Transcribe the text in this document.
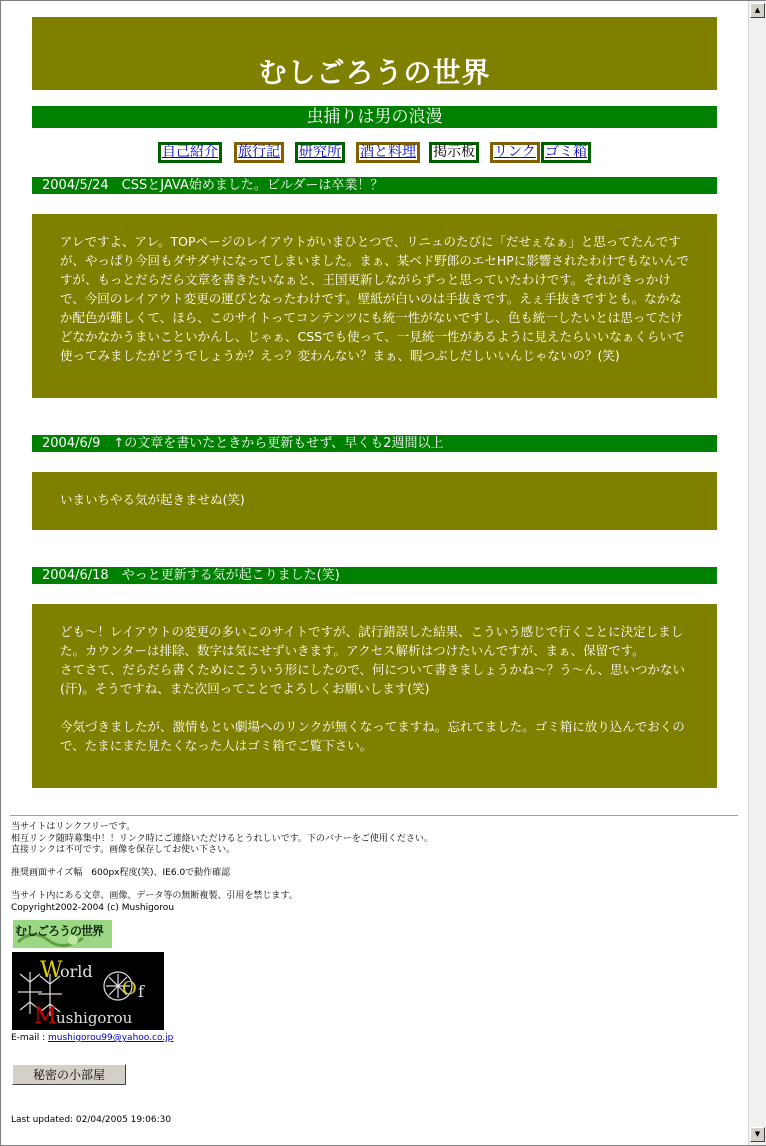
むしごろうの世界
虫捕りは男の浪漫
自己紹介 旅行記 研究所 酒と料理 掲示板 リンク ゴミ箱
2004/5/24　CSSとJAVA始めました。ビルダーは卒業！？

アレですよ、アレ。TOPページのレイアウトがいまひとつで、リニュのたびに「だせぇなぁ」と思ってたんですが、やっぱり今回もダサダサになってしまいました。まぁ、某ベド野郎のエセHPに影響されたわけでもないんですが、もっとだらだら文章を書きたいなぁと、王国更新しながらずっと思っていたわけです。それがきっかけで、今回のレイアウト変更の運びとなったわけです。壁紙が白いのは手抜きです。えぇ手抜きですとも。なかなか配色が難しくて、ほら、このサイトってコンテンツにも統一性がないですし、色も統一したいとは思ってたけどなかなかうまいこといかんし、じゃぁ、CSSでも使って、一見統一性があるように見えたらいいなぁくらいで使ってみましたがどうでしょうか？えっ？変わんない？まぁ、暇つぶしだしいいんじゃないの？(笑)

2004/6/9　↑の文章を書いたときから更新もせず、早くも2週間以上

いまいちやる気が起きませぬ(笑)

2004/6/18　やっと更新する気が起こりました(笑)

ども～！レイアウトの変更の多いこのサイトですが、試行錯誤した結果、こういう感じで行くことに決定しました。カウンターは排除、数字は気にせずいきます。アクセス解析はつけたいんですが、まぁ、保留です。

さてさて、だらだら書くためにこういう形にしたので、何について書きましょうかね～？う～ん、思いつかない(汗)。そうですね、また次回ってことでよろしくお願いします(笑)

今気づきましたが、激情もとい劇場へのリンクが無くなってますね。忘れてました。ゴミ箱に放り込んでおくので、たまにまた見たくなった人はゴミ箱でご覧下さい。

当サイトはリンクフリーです。
相互リンク随時募集中！！リンク時にご連絡いただけるとうれしいです。下のバナーをご使用ください。
直接リンクは不可です。画像を保存してお使い下さい。
推奨画面サイズ幅　600px程度(笑)、IE6.0で動作確認
当サイト内にある文章、画像、データ等の無断複製、引用を禁じます。
Copyright2002-2004 (c) Mushigorou
むしごろうの世界
W
orld
O f
M ushigorou
E-mail : mushigorou99@yahoo.co.jp
秘密の小部屋
Last updated: 02/04/2005 19:06:30
▲
▼
